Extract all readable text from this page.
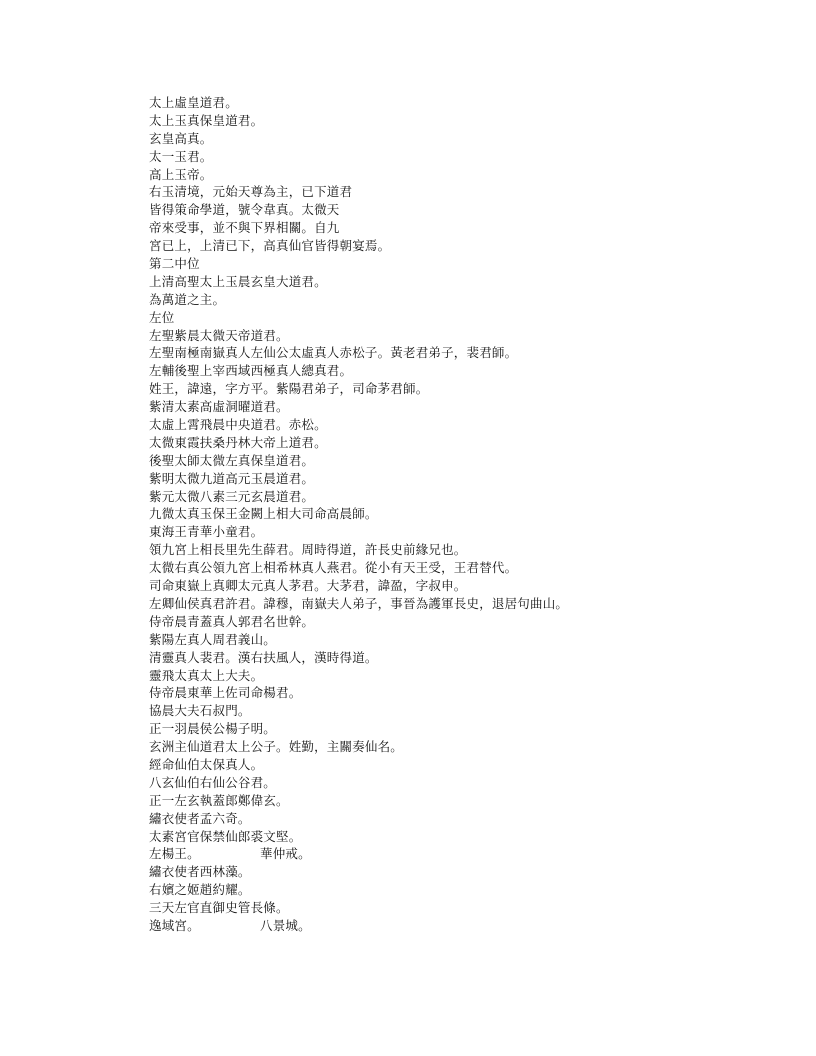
太上虛皇道君。
太上玉真保皇道君。
玄皇高真。
太一玉君。
高上玉帝。
右玉清境，元始天尊為主，已下道君
皆得策命學道，號令韋真。太微天
帝來受事，並不與下界相關。自九
宮已上，上清已下，高真仙官皆得朝宴焉。
第二中位
上清高聖太上玉晨玄皇大道君。
為萬道之主。
左位
左聖紫晨太微天帝道君。
左聖南極南嶽真人左仙公太虛真人赤松子。黃老君弟子，裴君師。
左輔後聖上宰西域西極真人總真君。
姓王，諱遠，字方平。紫陽君弟子，司命茅君師。
紫清太素高虛洞曜道君。
太虛上霄飛晨中央道君。赤松。
太微東霞扶桑丹林大帝上道君。
後聖太師太微左真保皇道君。
紫明太微九道高元玉晨道君。
紫元太微八素三元玄晨道君。
九微太真玉保王金闕上相大司命高晨師。
東海王青華小童君。
領九宮上相長里先生薛君。周時得道，許長史前緣兄也。
太微右真公領九宮上相希林真人燕君。從小有天王受，王君替代。
司命東嶽上真卿太元真人茅君。大茅君，諱盈，字叔申。
左卿仙侯真君許君。諱穆，南嶽夫人弟子，事晉為護軍長史，退居句曲山。
侍帝晨青蓋真人郭君名世幹。
紫陽左真人周君義山。
清靈真人裴君。漢右扶風人，漢時得道。
靈飛太真太上大夫。
侍帝晨東華上佐司命楊君。
協晨大夫石叔門。
正一羽晨侯公楊子明。
玄洲主仙道君太上公子。姓勤，主關奏仙名。
經命仙伯太保真人。
八玄仙伯右仙公谷君。
正一左玄執蓋郎鄭偉玄。
繡衣使者孟六奇。
太素宮官保禁仙郎裘文堅。
左楊王。	華仲戒。
繡衣使者西林藻。
右嬪之姬趙約耀。
三天左官直御史管長條。
逸域宮。	八景城。
